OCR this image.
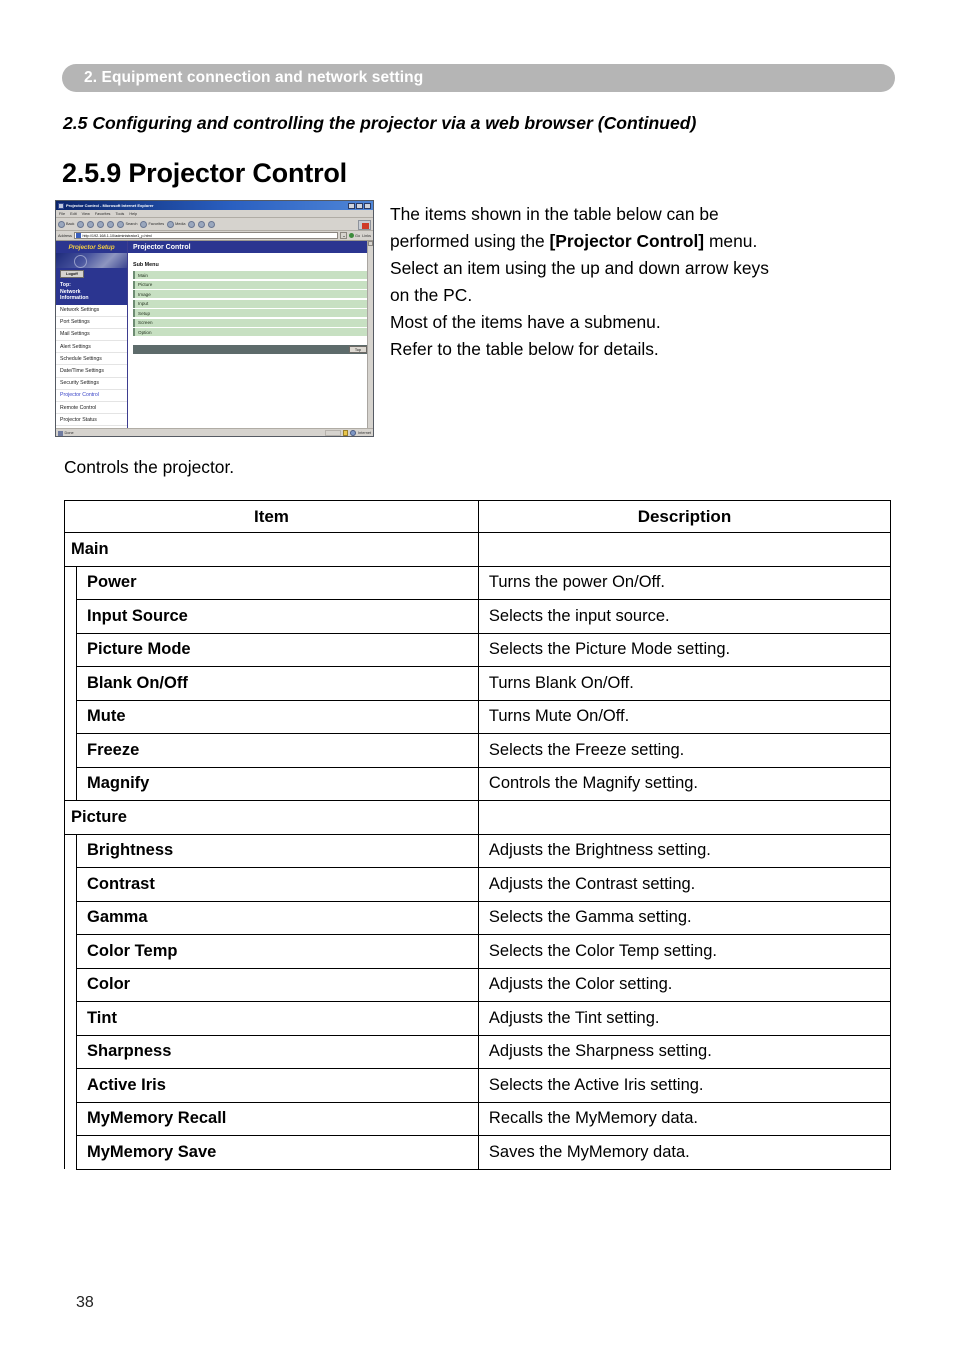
2. Equipment connection and network setting
2.5 Configuring and controlling the projector via a web browser (Continued)
2.5.9 Projector Control
Projector Control - Microsoft Internet Explorer
File Edit View Favorites Tools Help
Back	Search	Favorites	Media
Address	http://192.168.1.10/administrator1_p.html	Go Links
Projector Setup
Logoff
Top:
Network
Information
Network Settings
Port Settings
Mail Settings
Alert Settings
Schedule Settings
Date/Time Settings
Security Settings
Projector Control
Remote Control
Projector Status
Projector Control
Sub Menu
Main
Picture
Image
Input
Setup
Screen
Option
Top
Done	Internet
The items shown in the table below can be
performed using the [Projector Control] menu.
Select an item using the up and down arrow keys
on the PC.
Most of the items have a submenu.
Refer to the table below for details.
Controls the projector.
Item		Description
Main		
	Power	Turns the power On/Off.
	Input Source	Selects the input source.
	Picture Mode	Selects the Picture Mode setting.
	Blank On/Off	Turns Blank On/Off.
	Mute	Turns Mute On/Off.
	Freeze	Selects the Freeze setting.
	Magnify	Controls the Magnify setting.
Picture		
	Brightness	Adjusts the Brightness setting.
	Contrast	Adjusts the Contrast setting.
	Gamma	Selects the Gamma setting.
	Color Temp	Selects the Color Temp setting.
	Color	Adjusts the Color setting.
	Tint	Adjusts the Tint setting.
	Sharpness	Adjusts the Sharpness setting.
	Active Iris	Selects the Active Iris setting.
	MyMemory Recall	Recalls the MyMemory data.
	MyMemory Save	Saves the MyMemory data.
38
